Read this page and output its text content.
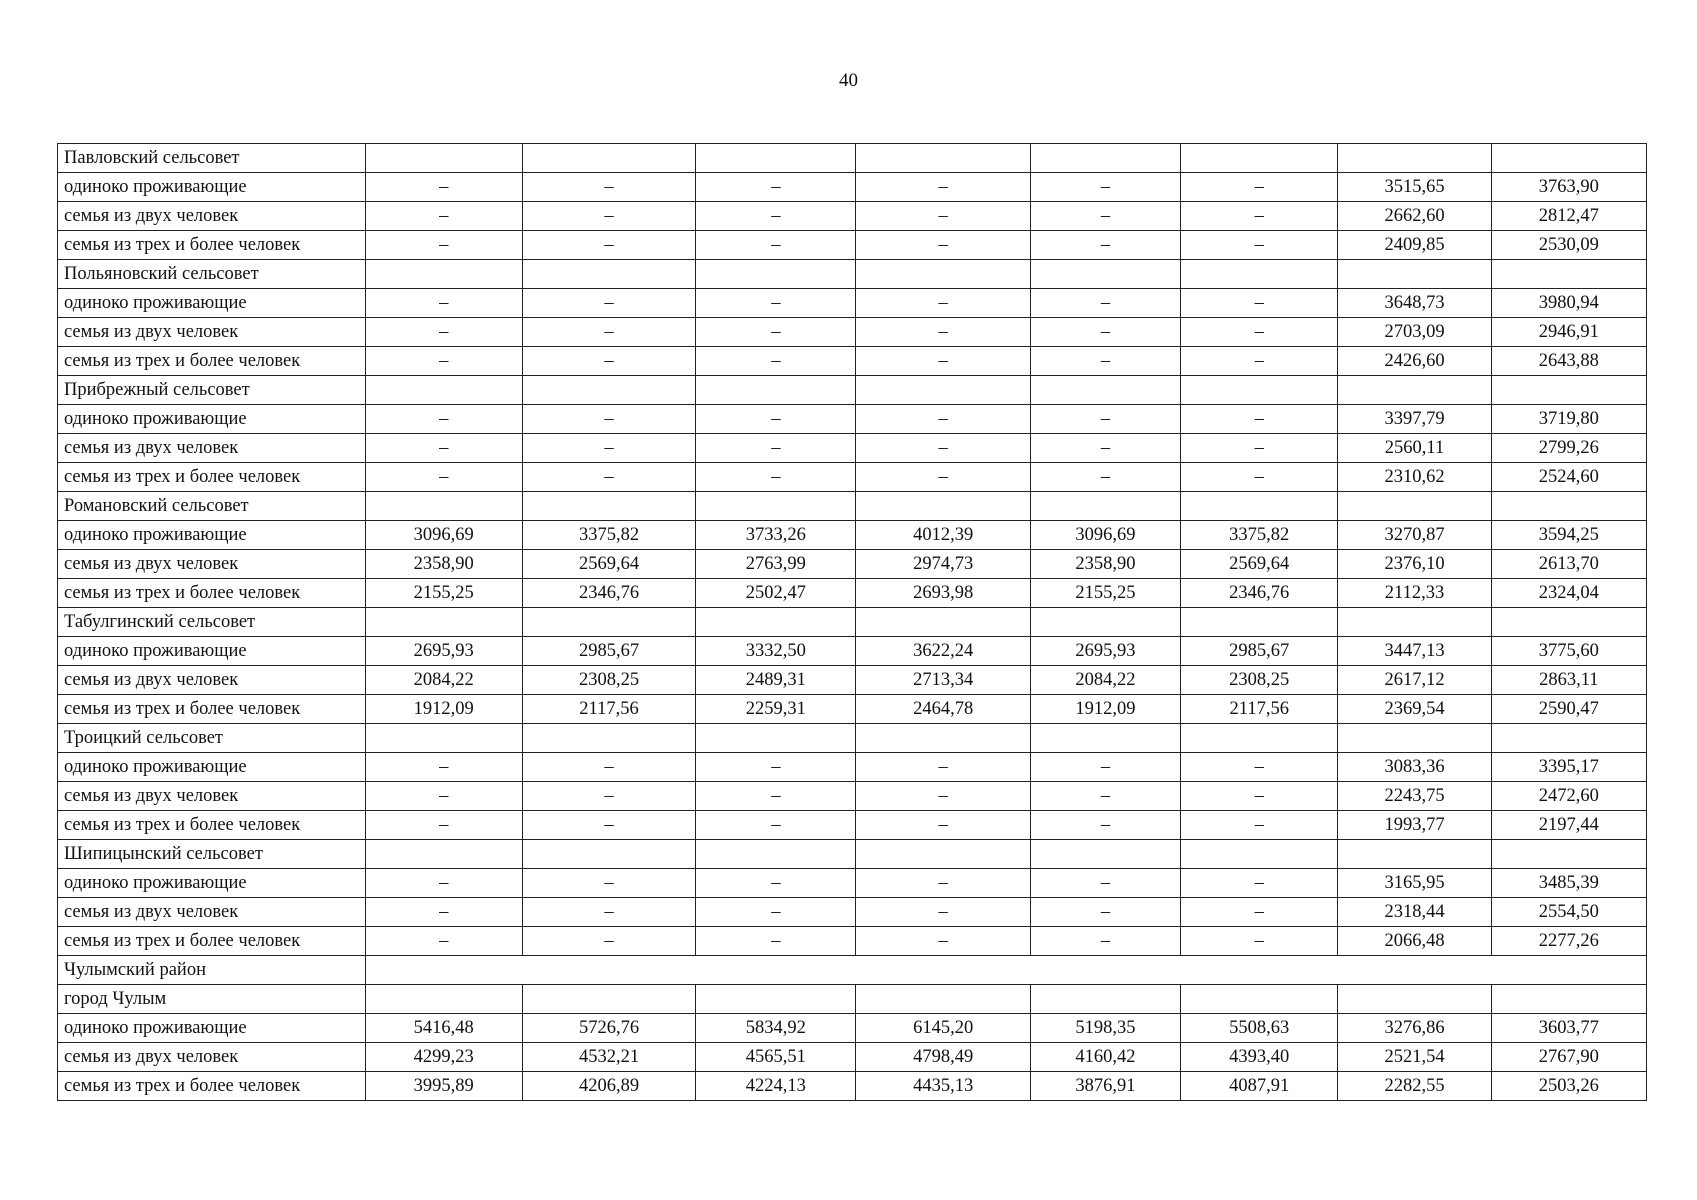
40
Павловский сельсовет								
одиноко проживающие	–	–	–	–	–	–	3515,65	3763,90
семья из двух человек	–	–	–	–	–	–	2662,60	2812,47
семья из трех и более человек	–	–	–	–	–	–	2409,85	2530,09
Польяновский сельсовет								
одиноко проживающие	–	–	–	–	–	–	3648,73	3980,94
семья из двух человек	–	–	–	–	–	–	2703,09	2946,91
семья из трех и более человек	–	–	–	–	–	–	2426,60	2643,88
Прибрежный сельсовет								
одиноко проживающие	–	–	–	–	–	–	3397,79	3719,80
семья из двух человек	–	–	–	–	–	–	2560,11	2799,26
семья из трех и более человек	–	–	–	–	–	–	2310,62	2524,60
Романовский сельсовет								
одиноко проживающие	3096,69	3375,82	3733,26	4012,39	3096,69	3375,82	3270,87	3594,25
семья из двух человек	2358,90	2569,64	2763,99	2974,73	2358,90	2569,64	2376,10	2613,70
семья из трех и более человек	2155,25	2346,76	2502,47	2693,98	2155,25	2346,76	2112,33	2324,04
Табулгинский сельсовет								
одиноко проживающие	2695,93	2985,67	3332,50	3622,24	2695,93	2985,67	3447,13	3775,60
семья из двух человек	2084,22	2308,25	2489,31	2713,34	2084,22	2308,25	2617,12	2863,11
семья из трех и более человек	1912,09	2117,56	2259,31	2464,78	1912,09	2117,56	2369,54	2590,47
Троицкий сельсовет								
одиноко проживающие	–	–	–	–	–	–	3083,36	3395,17
семья из двух человек	–	–	–	–	–	–	2243,75	2472,60
семья из трех и более человек	–	–	–	–	–	–	1993,77	2197,44
Шипицынский сельсовет								
одиноко проживающие	–	–	–	–	–	–	3165,95	3485,39
семья из двух человек	–	–	–	–	–	–	2318,44	2554,50
семья из трех и более человек	–	–	–	–	–	–	2066,48	2277,26
Чулымский район								
город Чулым								
одиноко проживающие	5416,48	5726,76	5834,92	6145,20	5198,35	5508,63	3276,86	3603,77
семья из двух человек	4299,23	4532,21	4565,51	4798,49	4160,42	4393,40	2521,54	2767,90
семья из трех и более человек	3995,89	4206,89	4224,13	4435,13	3876,91	4087,91	2282,55	2503,26
